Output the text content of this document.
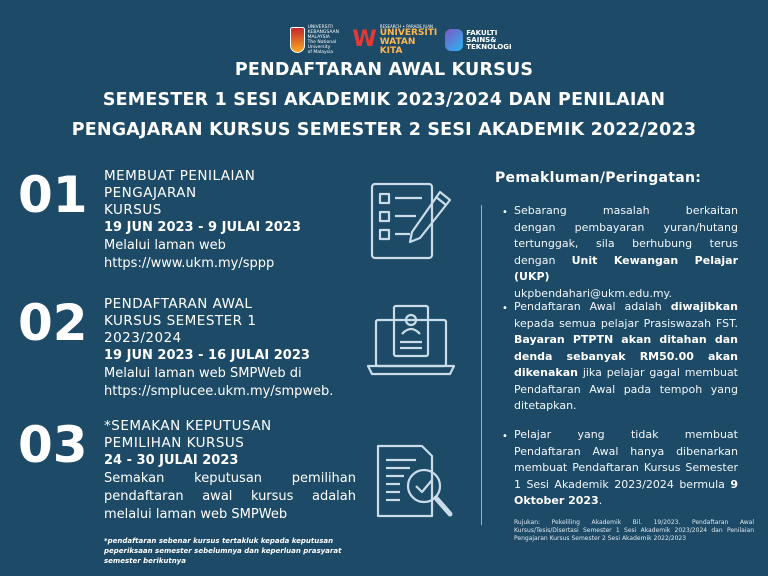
UNIVERSITI
KEBANGSAAN
MALAYSIA
The National University
of Malaysia
W
RESEARCH • PARADE JUAN
UNIVERSITI
WATAN KITA
FAKULTI
SAINS&
TEKNOLOGI
PENDAFTARAN AWAL KURSUS
SEMESTER 1 SESI AKADEMIK 2023/2024 DAN PENILAIAN
PENGAJARAN KURSUS SEMESTER 2 SESI AKADEMIK 2022/2023
01 MEMBUAT PENILAIAN
PENGAJARAN
KURSUS
19 JUN 2023 - 9 JULAI 2023
Melalui laman web
https://www.ukm.my/sppp
02 PENDAFTARAN AWAL
KURSUS SEMESTER 1
2023/2024
19 JUN 2023 - 16 JULAI 2023
Melalui laman web SMPWeb di
https://smplucee.ukm.my/smpweb.
03 *SEMAKAN KEPUTUSAN
PEMILIHAN KURSUS
24 - 30 JULAI 2023
Semakan keputusan pemilihan
pendaftaran awal kursus adalah
melalui laman web SMPWeb
*pendaftaran sebenar kursus tertakluk kepada keputusan
peperiksaan semester sebelumnya dan keperluan prasyarat
semester berikutnya
Pemakluman/Peringatan:
• Sebarang masalah berkaitan
dengan pembayaran yuran/hutang
tertunggak, sila berhubung terus
dengan Unit Kewangan Pelajar (UKP)
ukpbendahari@ukm.edu.my.
• Pendaftaran Awal adalah diwajibkan kepada semua pelajar Prasiswazah FST. Bayaran PTPTN akan ditahan dan denda sebanyak RM50.00 akan dikenakan jika pelajar gagal membuat Pendaftaran Awal pada tempoh yang ditetapkan.
• Pelajar yang tidak membuat Pendaftaran Awal hanya dibenarkan membuat Pendaftaran Kursus Semester 1 Sesi Akademik 2023/2024 bermula 9 Oktober 2023.
Rujukan: Pekeliling Akademik Bil. 19/2023. Pendaftaran Awal Kursus/Tesis/Disertasi Semester 1 Sesi Akademik 2023/2024 dan Penilaian Pengajaran Kursus Semester 2 Sesi Akademik 2022/2023
